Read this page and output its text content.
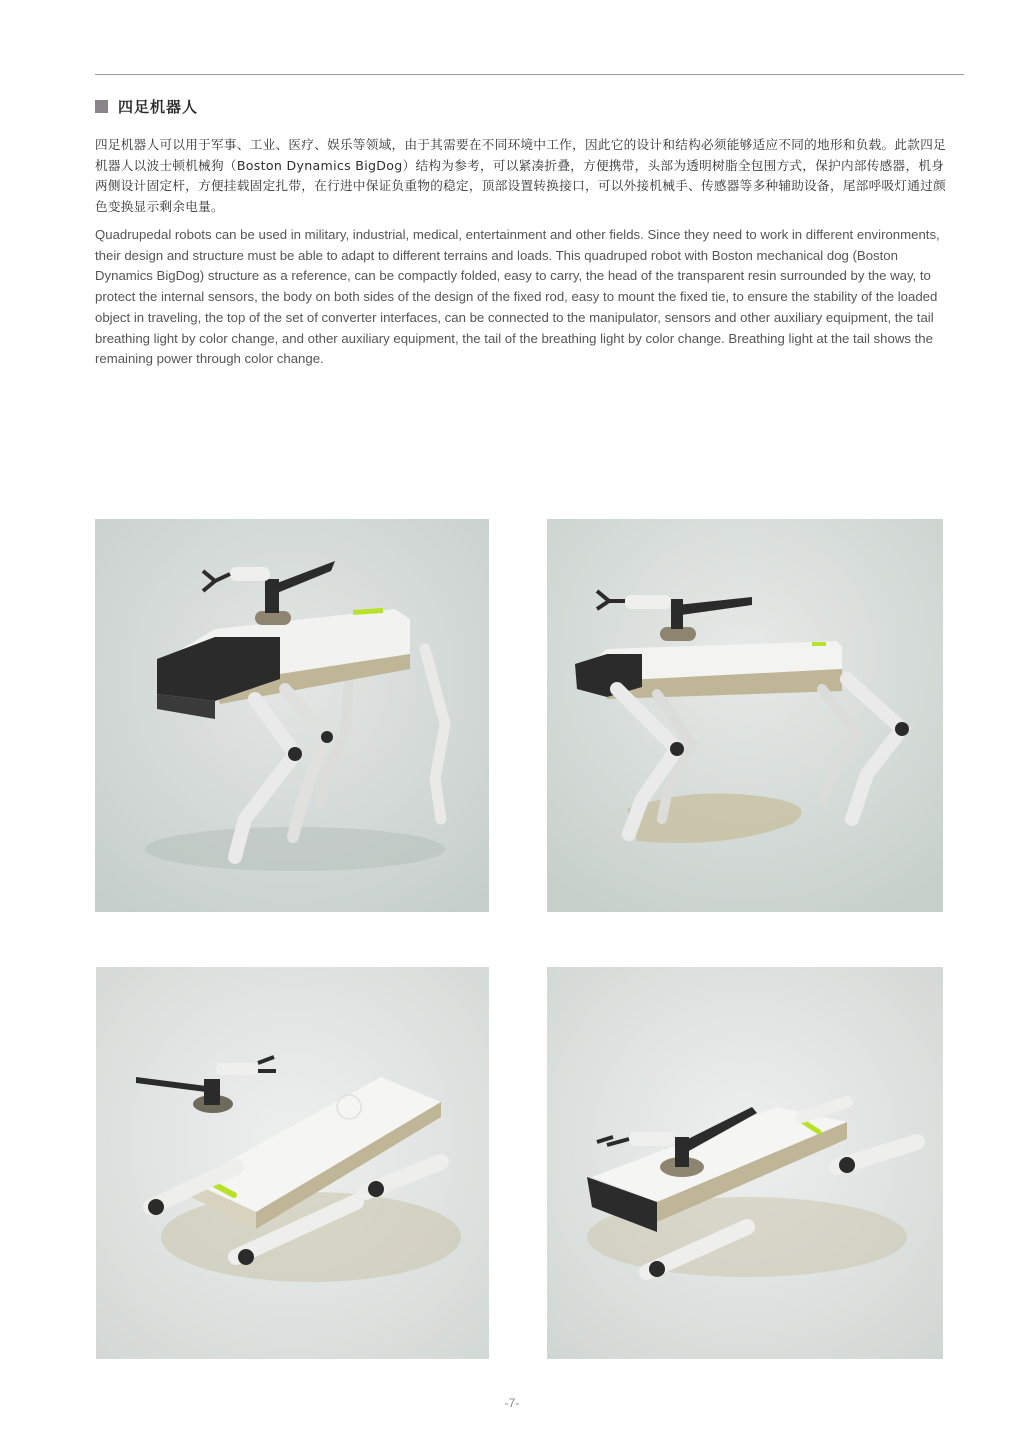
四足机器人
四足机器人可以用于军事、工业、医疗、娱乐等领域，由于其需要在不同环境中工作，因此它的设计和结构必须能够适应不同的地形和负载。此款四足机器人以波士顿机械狗（Boston Dynamics BigDog）结构为参考，可以紧凑折叠，方便携带，头部为透明树脂全包围方式，保护内部传感器，机身两侧设计固定杆，方便挂载固定扎带，在行进中保证负重物的稳定，顶部设置转换接口，可以外接机械手、传感器等多种辅助设备，尾部呼吸灯通过颜色变换显示剩余电量。
Quadrupedal robots can be used in military, industrial, medical, entertainment and other fields. Since they need to work in different environments, their design and structure must be able to adapt to different terrains and loads. This quadruped robot with Boston mechanical dog (Boston Dynamics BigDog) structure as a reference, can be compactly folded, easy to carry, the head of the transparent resin surrounded by the way, to protect the internal sensors, the body on both sides of the design of the fixed rod, easy to mount the fixed tie, to ensure the stability of the loaded object in traveling, the top of the set of converter interfaces, can be connected to the manipulator, sensors and other auxiliary equipment, the tail breathing light by color change, and other auxiliary equipment, the tail of the breathing light by color change. Breathing light at the tail shows the remaining power through color change.
-7-
